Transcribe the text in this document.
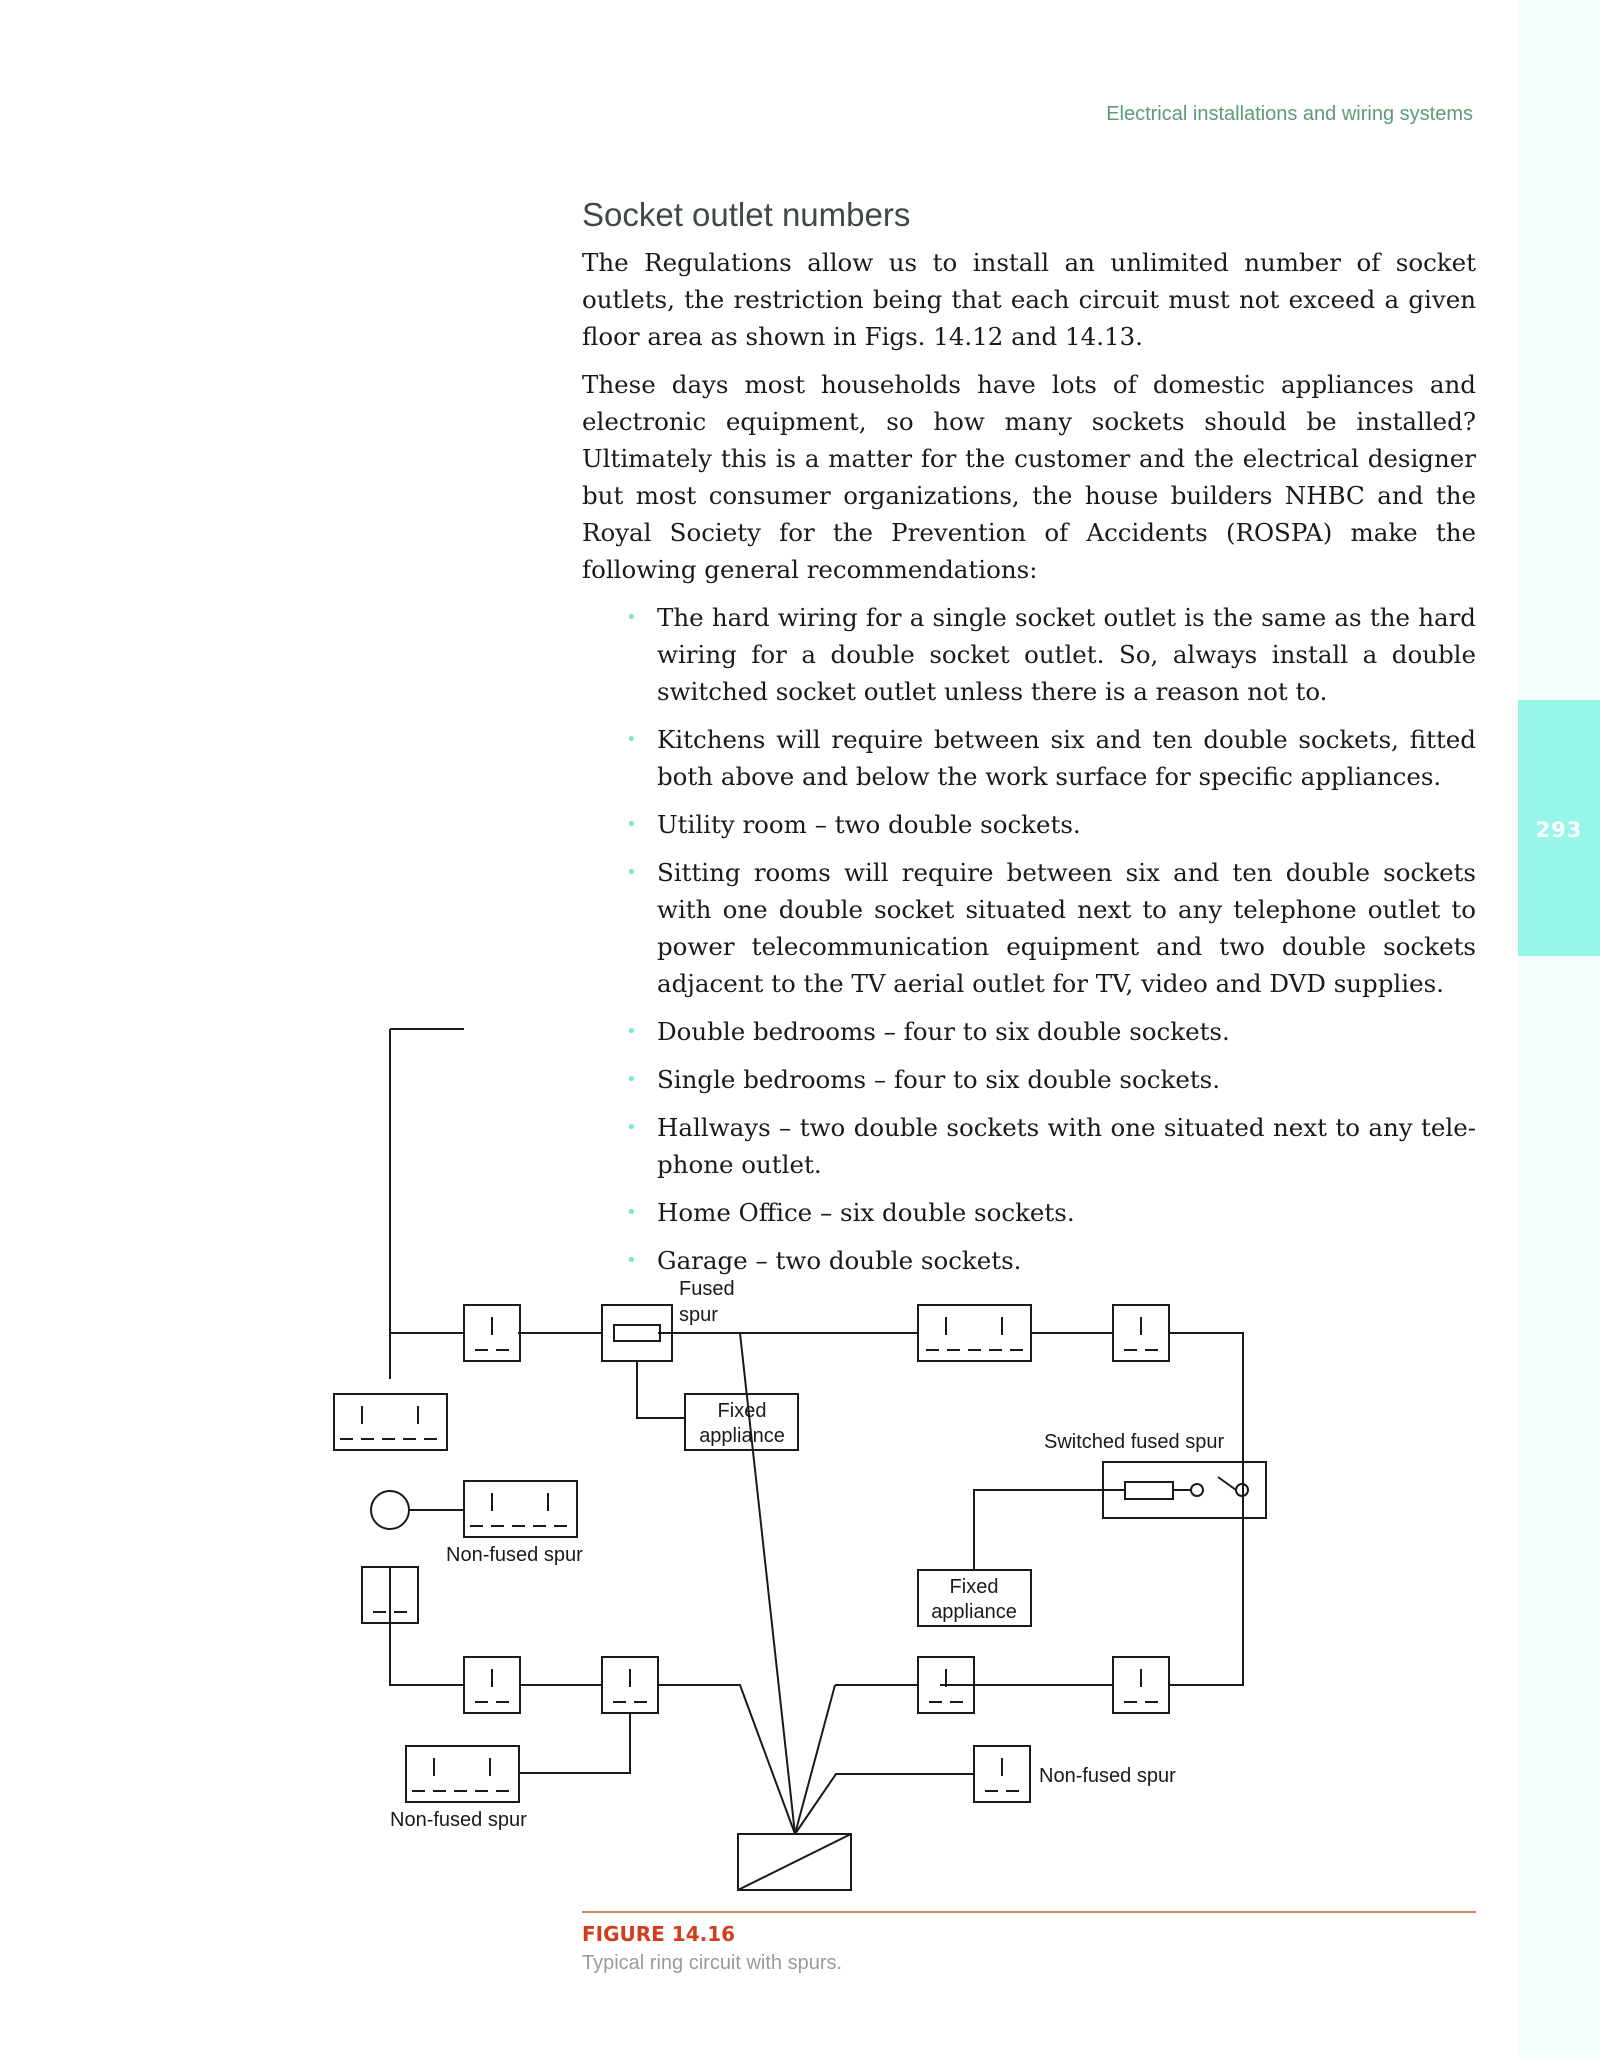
293
Electrical installations and wiring systems
Socket outlet numbers

The Regulations allow us to install an unlimited number of socket outlets, the restriction being that each circuit must not exceed a given floor area as shown in Figs. 14.12 and 14.13.

These days most households have lots of domestic appliances and electronic equipment, so how many sockets should be installed? Ultimately this is a matter for the customer and the electrical designer but most consumer organizations, the house builders NHBC and the Royal Society for the Prevention of Accidents (ROSPA) make the following general recommendations:

• The hard wiring for a single socket outlet is the same as the hard wiring for a double socket outlet. So, always install a double switched socket outlet unless there is a reason not to.
• Kitchens will require between six and ten double sockets, fitted both above and below the work surface for specific appliances.
• Utility room – two double sockets.
• Sitting rooms will require between six and ten double sockets with one double socket situated next to any telephone outlet to power telecommunication equipment and two double sockets adjacent to the TV aerial outlet for TV, video and DVD supplies.
• Double bedrooms – four to six double sockets.
• Single bedrooms – four to six double sockets.
• Hallways – two double sockets with one situated next to any telephone outlet.
• Home Office – six double sockets.
• Garage – two double sockets.
Fused
spur
Fixed
appliance	Switched fused spur
Non-fused spur
Fixed
appliance
Non-fused spur
Non-fused spur
FIGURE 14.16
Typical ring circuit with spurs.
